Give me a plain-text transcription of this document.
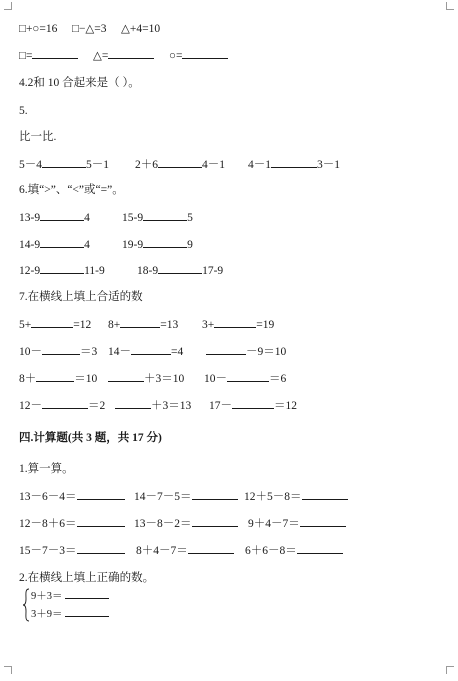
□+○=16 □−△=3 △+4=10
□=	△=	○=
4.2和 10 合起来是（ ）。
5.
比一比.
5－4	5－1 2＋6	4－1 4－1	3－1
6.填“>”、“<”或“=”。
13-9	4	15-9	5
14-9	4	19-9	9
12-9	11-9	18-9	17-9
7.在横线上填上合适的数
5+	=12 8+	=13 3+	=19
10－	＝3 14－	=4	－9＝10
8＋	＝10	＋3＝10 10－	＝6
12－	＝2	＋3＝13 17－	＝12
四.计算题(共 3 题，共 17 分)
1.算一算。
13－6－4＝	14－7－5＝	12＋5－8＝
12－8＋6＝	13－8－2＝	9＋4－7＝
15－7－3＝	8＋4－7＝	6＋6－8＝
2.在横线上填上正确的数。
9＋3＝
3＋9＝
